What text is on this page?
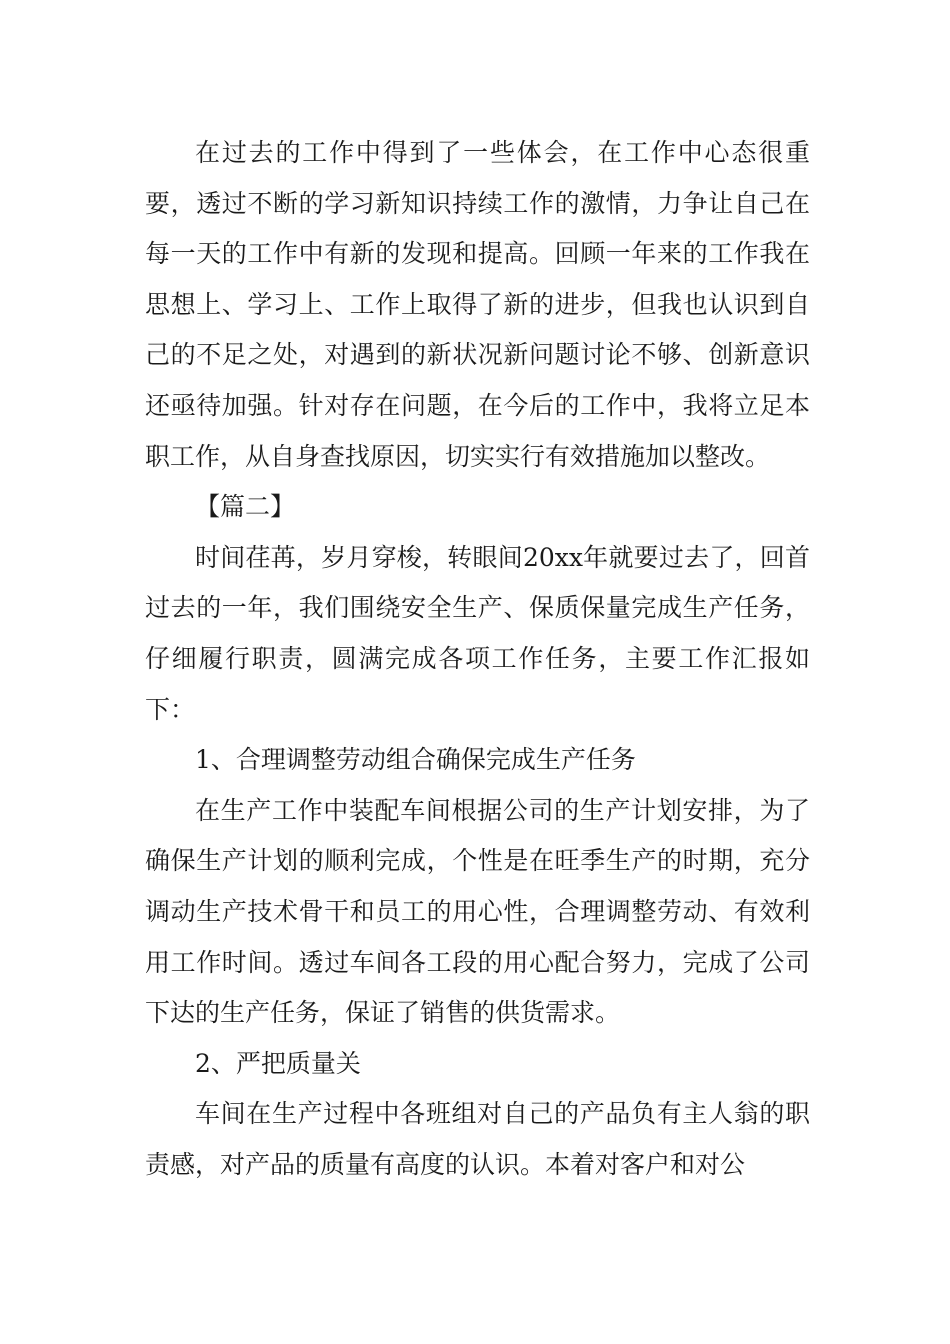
在过去的工作中得到了一些体会，在工作中心态很重要，透过不断的学习新知识持续工作的激情，力争让自己在每一天的工作中有新的发现和提高。回顾一年来的工作我在思想上、学习上、工作上取得了新的进步，但我也认识到自己的不足之处，对遇到的新状况新问题讨论不够、创新意识还亟待加强。针对存在问题，在今后的工作中，我将立足本职工作，从自身查找原因，切实实行有效措施加以整改。

【篇二】

时间荏苒，岁月穿梭，转眼间20xx年就要过去了，回首过去的一年，我们围绕安全生产、保质保量完成生产任务，仔细履行职责，圆满完成各项工作任务，主要工作汇报如下：

1、合理调整劳动组合确保完成生产任务

在生产工作中装配车间根据公司的生产计划安排，为了确保生产计划的顺利完成，个性是在旺季生产的时期，充分调动生产技术骨干和员工的用心性，合理调整劳动、有效利用工作时间。透过车间各工段的用心配合努力，完成了公司下达的生产任务，保证了销售的供货需求。

2、严把质量关

车间在生产过程中各班组对自己的产品负有主人翁的职责感，对产品的质量有高度的认识。本着对客户和对公
